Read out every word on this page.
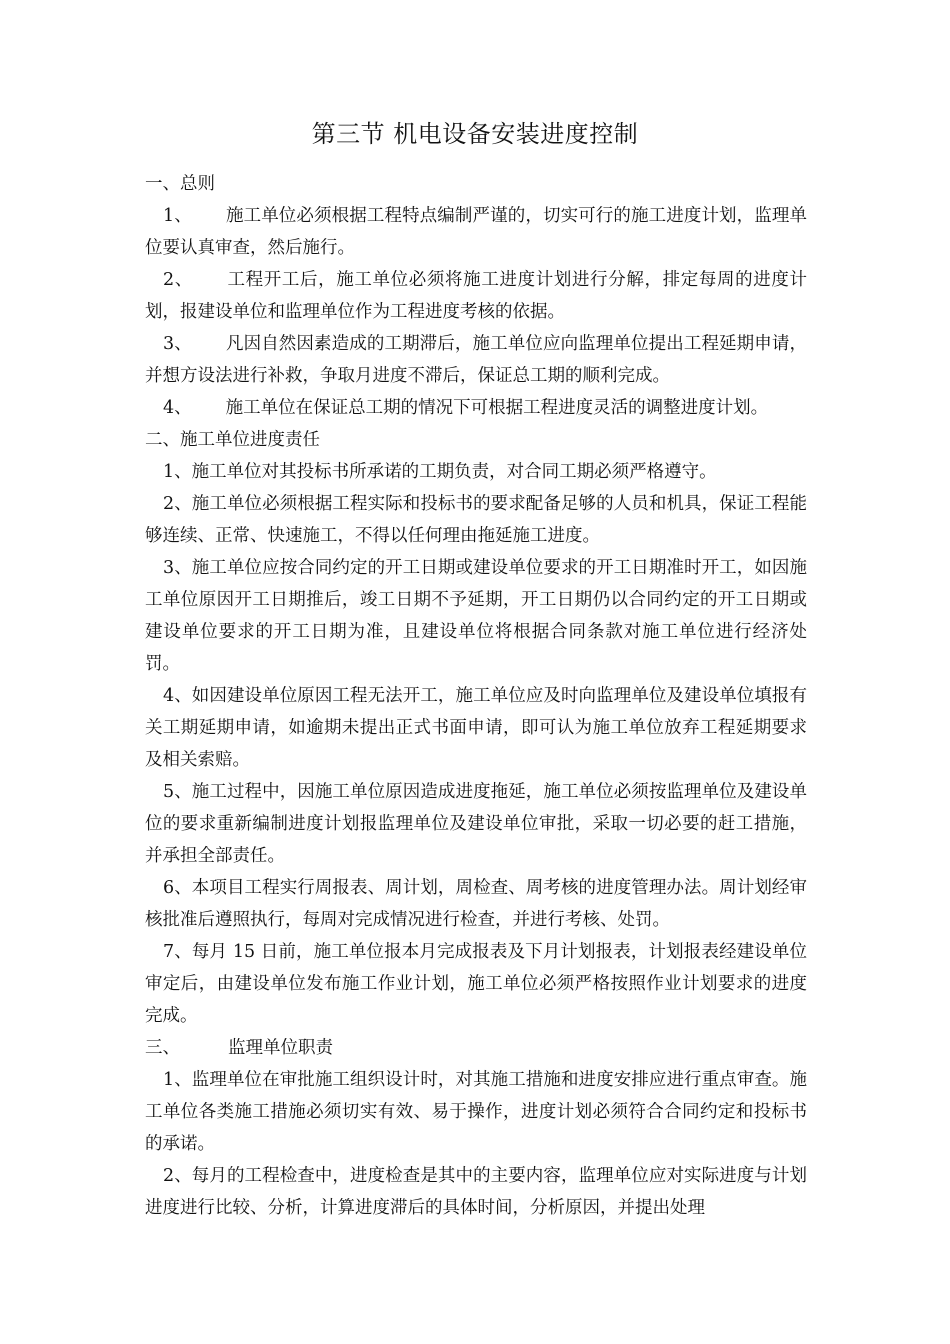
第三节 机电设备安装进度控制

一、总则

1、 施工单位必须根据工程特点编制严谨的，切实可行的施工进度计划，监理单位要认真审查，然后施行。

2、 工程开工后，施工单位必须将施工进度计划进行分解，排定每周的进度计划，报建设单位和监理单位作为工程进度考核的依据。

3、 凡因自然因素造成的工期滞后，施工单位应向监理单位提出工程延期申请，并想方设法进行补救，争取月进度不滞后，保证总工期的顺利完成。

4、 施工单位在保证总工期的情况下可根据工程进度灵活的调整进度计划。

二、施工单位进度责任

1、施工单位对其投标书所承诺的工期负责，对合同工期必须严格遵守。

2、施工单位必须根据工程实际和投标书的要求配备足够的人员和机具，保证工程能够连续、正常、快速施工，不得以任何理由拖延施工进度。

3、施工单位应按合同约定的开工日期或建设单位要求的开工日期准时开工，如因施工单位原因开工日期推后，竣工日期不予延期，开工日期仍以合同约定的开工日期或建设单位要求的开工日期为准，且建设单位将根据合同条款对施工单位进行经济处罚。

4、如因建设单位原因工程无法开工，施工单位应及时向监理单位及建设单位填报有关工期延期申请，如逾期未提出正式书面申请，即可认为施工单位放弃工程延期要求及相关索赔。

5、施工过程中，因施工单位原因造成进度拖延，施工单位必须按监理单位及建设单位的要求重新编制进度计划报监理单位及建设单位审批，采取一切必要的赶工措施，并承担全部责任。

6、本项目工程实行周报表、周计划，周检查、周考核的进度管理办法。周计划经审核批准后遵照执行，每周对完成情况进行检查，并进行考核、处罚。

7、每月 15 日前，施工单位报本月完成报表及下月计划报表，计划报表经建设单位审定后，由建设单位发布施工作业计划，施工单位必须严格按照作业计划要求的进度完成。

三、	监理单位职责

1、监理单位在审批施工组织设计时，对其施工措施和进度安排应进行重点审查。施工单位各类施工措施必须切实有效、易于操作，进度计划必须符合合同约定和投标书的承诺。

2、每月的工程检查中，进度检查是其中的主要内容，监理单位应对实际进度与计划进度进行比较、分析，计算进度滞后的具体时间，分析原因，并提出处理
